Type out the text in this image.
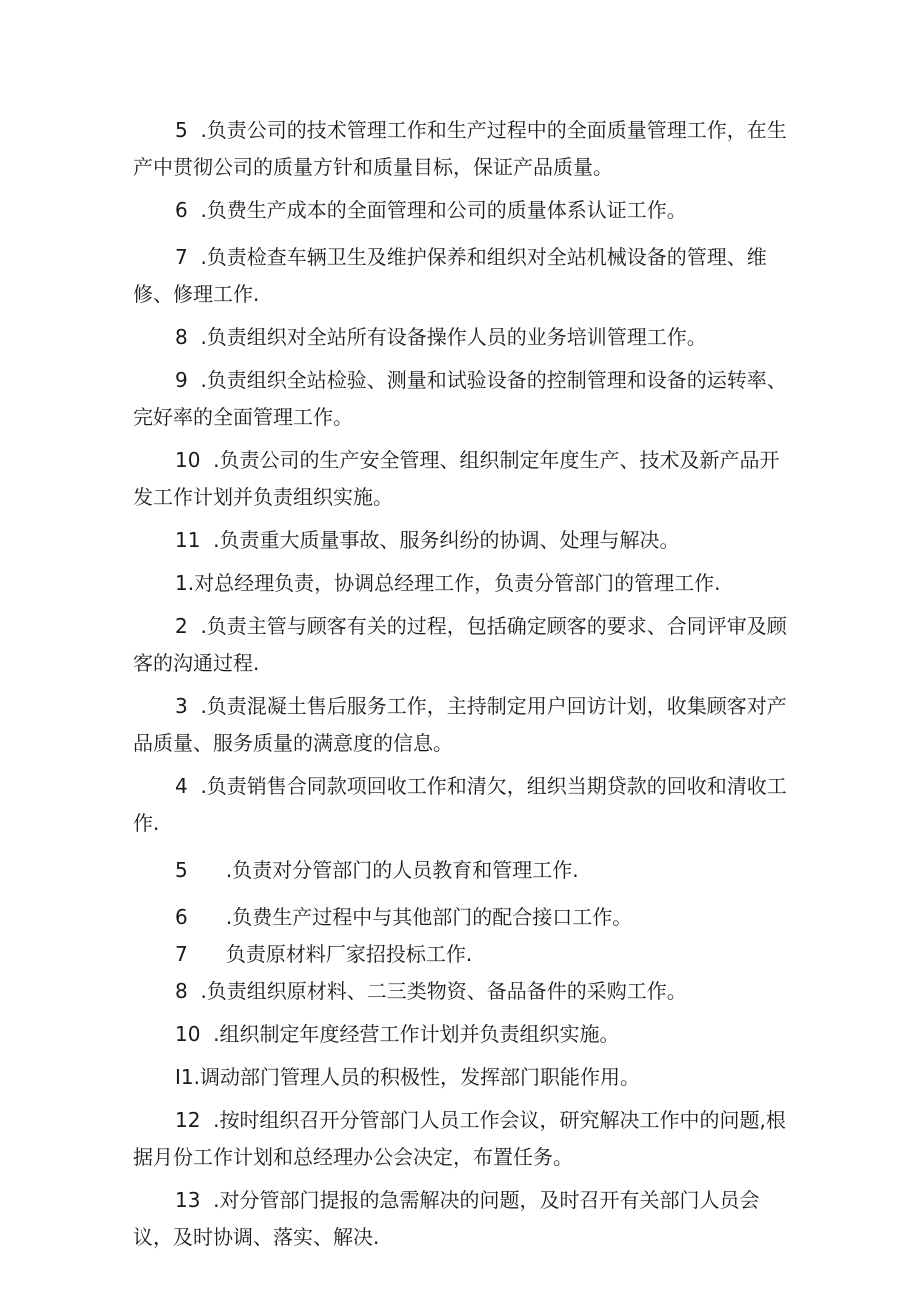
5  .负责公司的技术管理工作和生产过程中的全面质量管理工作，在生产中贯彻公司的质量方针和质量目标，保证产品质量。

6  .负费生产成本的全面管理和公司的质量体系认证工作。

7  .负责检查车辆卫生及维护保养和组织对全站机械设备的管理、维修、修理工作.

8  .负责组织对全站所有设备操作人员的业务培训管理工作。

9  .负责组织全站检验、测量和试验设备的控制管理和设备的运转率、完好率的全面管理工作。

10  .负责公司的生产安全管理、组织制定年度生产、技术及新产品开发工作计划并负责组织实施。

11  .负责重大质量事故、服务纠纷的协调、处理与解决。

1.对总经理负责，协调总经理工作，负责分管部门的管理工作.

2  .负责主管与顾客有关的过程，包括确定顾客的要求、合同评审及顾客的沟通过程.

3  .负责混凝土售后服务工作，主持制定用户回访计划，收集顾客对产品质量、服务质量的满意度的信息。

4  .负责销售合同款项回收工作和清欠，组织当期贷款的回收和清收工作.

5      .负责对分管部门的人员教育和管理工作.

6      .负费生产过程中与其他部门的配合接口工作。

7      负责原材料厂家招投标工作.

8  .负责组织原材料、二三类物资、备品备件的采购工作。

10  .组织制定年度经营工作计划并负责组织实施。

I1.调动部门管理人员的积极性，发挥部门职能作用。

12  .按时组织召开分管部门人员工作会议，研究解决工作中的问题,根据月份工作计划和总经理办公会决定，布置任务。

13  .对分管部门提报的急需解决的问题，及时召开有关部门人员会议，及时协调、落实、解决.
